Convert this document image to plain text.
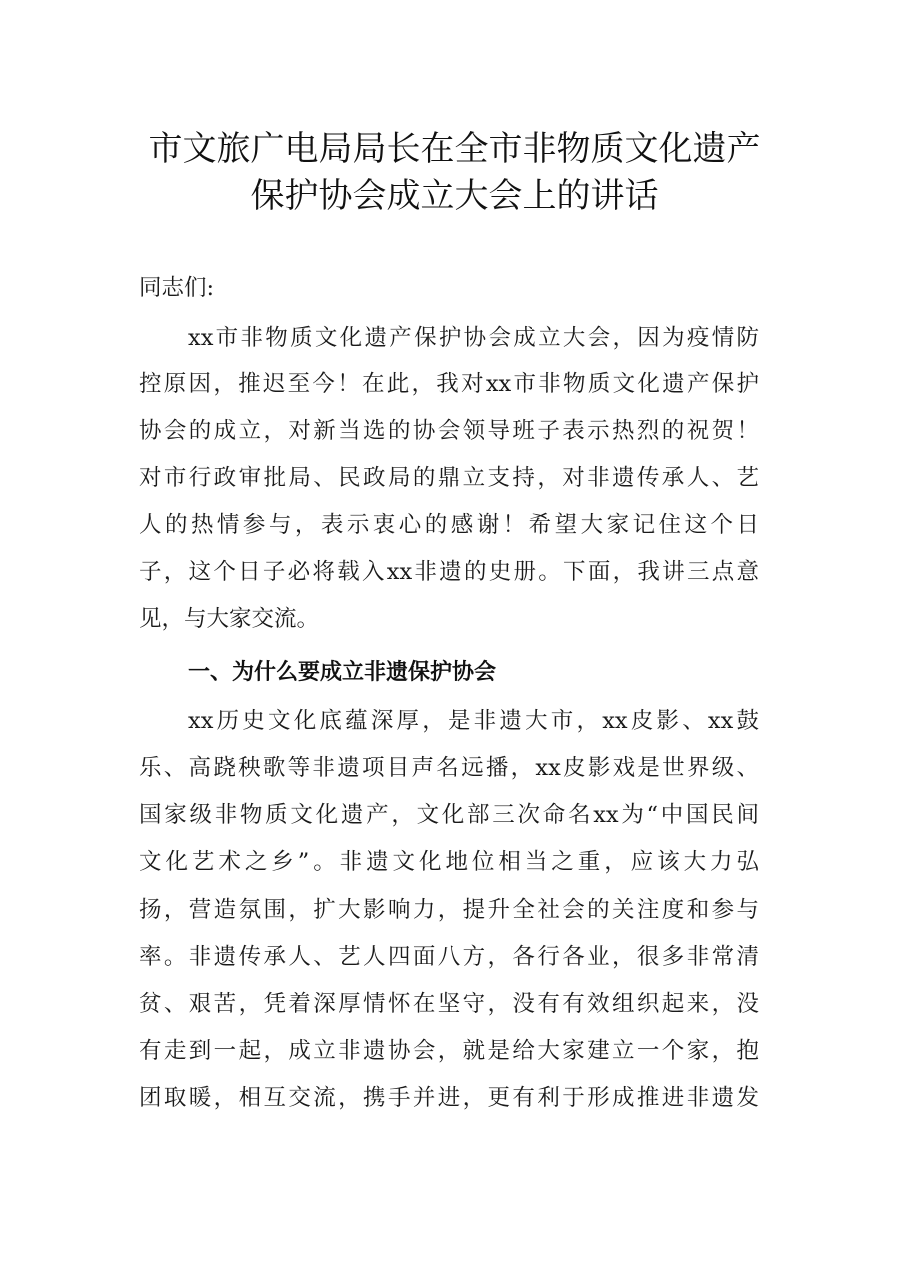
市文旅广电局局长在全市非物质文化遗产
保护协会成立大会上的讲话
同志们:
xx市非物质文化遗产保护协会成立大会，因为疫情防
控原因，推迟至今！在此，我对xx市非物质文化遗产保护
协会的成立，对新当选的协会领导班子表示热烈的祝贺！
对市行政审批局、民政局的鼎立支持，对非遗传承人、艺
人的热情参与，表示衷心的感谢！希望大家记住这个日
子，这个日子必将载入xx非遗的史册。下面，我讲三点意
见，与大家交流。
一、为什么要成立非遗保护协会
xx历史文化底蕴深厚，是非遗大市，xx皮影、xx鼓
乐、高跷秧歌等非遗项目声名远播，xx皮影戏是世界级、
国家级非物质文化遗产，文化部三次命名xx为“中国民间
文化艺术之乡”。非遗文化地位相当之重，应该大力弘
扬，营造氛围，扩大影响力，提升全社会的关注度和参与
率。非遗传承人、艺人四面八方，各行各业，很多非常清
贫、艰苦，凭着深厚情怀在坚守，没有有效组织起来，没
有走到一起，成立非遗协会，就是给大家建立一个家，抱
团取暖，相互交流，携手并进，更有利于形成推进非遗发
